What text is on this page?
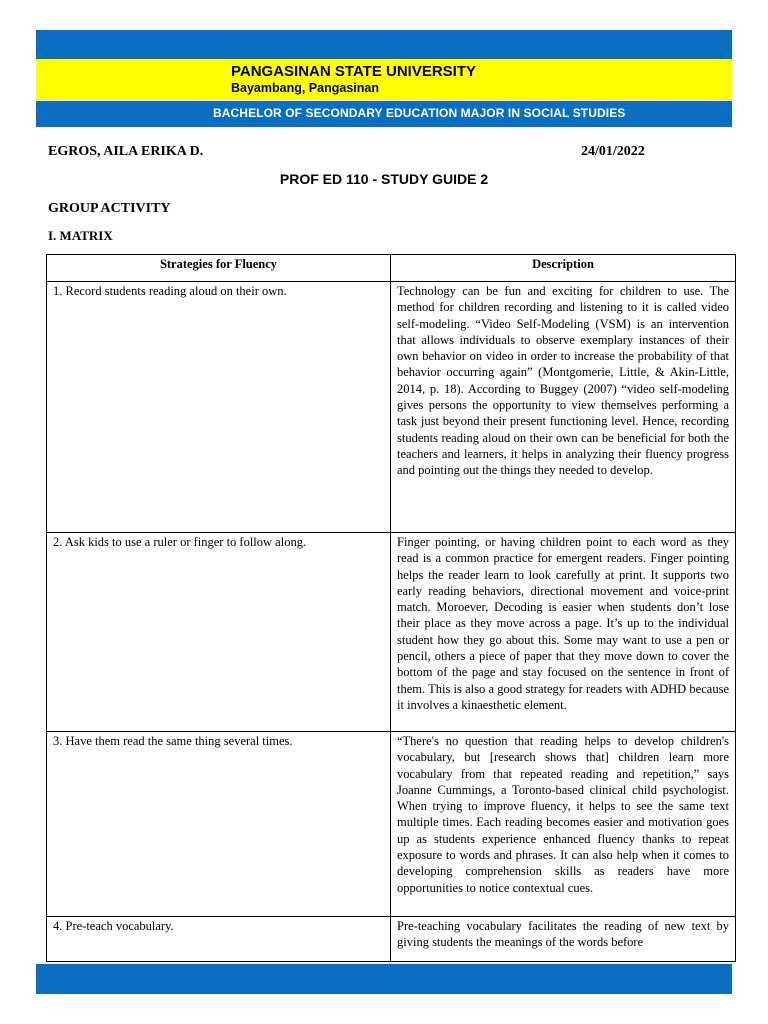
PANGASINAN STATE UNIVERSITY
Bayambang, Pangasinan
BACHELOR OF SECONDARY EDUCATION MAJOR IN SOCIAL STUDIES
EGROS, AILA ERIKA D.	24/01/2022
PROF ED 110 - STUDY GUIDE 2
GROUP ACTIVITY
I. MATRIX
Strategies for Fluency	Description
1. Record students reading aloud on their own.	Technology can be fun and exciting for children to use. The method for children recording and listening to it is called video self-modeling. “Video Self-Modeling (VSM) is an intervention that allows individuals to observe exemplary instances of their own behavior on video in order to increase the probability of that behavior occurring again” (Montgomerie, Little, & Akin-Little, 2014, p. 18). According to Buggey (2007) “video self-modeling gives persons the opportunity to view themselves performing a task just beyond their present functioning level. Hence, recording students reading aloud on their own can be beneficial for both the teachers and learners, it helps in analyzing their fluency progress and pointing out the things they needed to develop.
2. Ask kids to use a ruler or finger to follow along.	Finger pointing, or having children point to each word as they read is a common practice for emergent readers. Finger pointing helps the reader learn to look carefully at print. It supports two early reading behaviors, directional movement and voice-print match. Moroever, Decoding is easier when students don’t lose their place as they move across a page. It’s up to the individual student how they go about this. Some may want to use a pen or pencil, others a piece of paper that they move down to cover the bottom of the page and stay focused on the sentence in front of them. This is also a good strategy for readers with ADHD because it involves a kinaesthetic element.
3. Have them read the same thing several times.	“There's no question that reading helps to develop children's vocabulary, but [research shows that] children learn more vocabulary from that repeated reading and repetition,” says Joanne Cummings, a Toronto-based clinical child psychologist. When trying to improve fluency, it helps to see the same text multiple times. Each reading becomes easier and motivation goes up as students experience enhanced fluency thanks to repeat exposure to words and phrases. It can also help when it comes to developing comprehension skills as readers have more opportunities to notice contextual cues.
4. Pre-teach vocabulary.	Pre-teaching vocabulary facilitates the reading of new text by giving students the meanings of the words before
